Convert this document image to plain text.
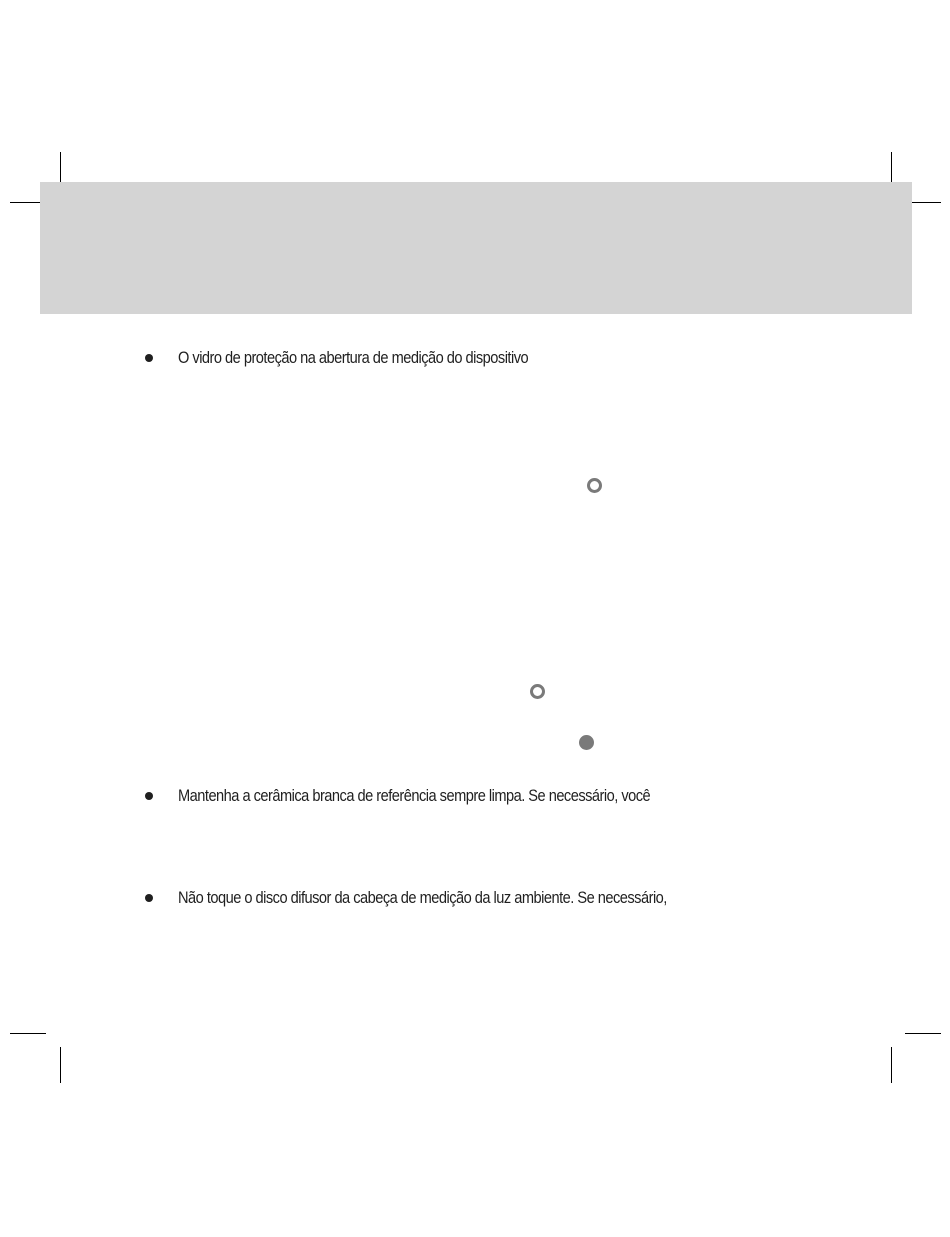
O vidro de proteção na abertura de medição do dispositivo
Mantenha a cerâmica branca de referência sempre limpa. Se necessário, você
Não toque o disco difusor da cabeça de medição da luz ambiente. Se necessário,
